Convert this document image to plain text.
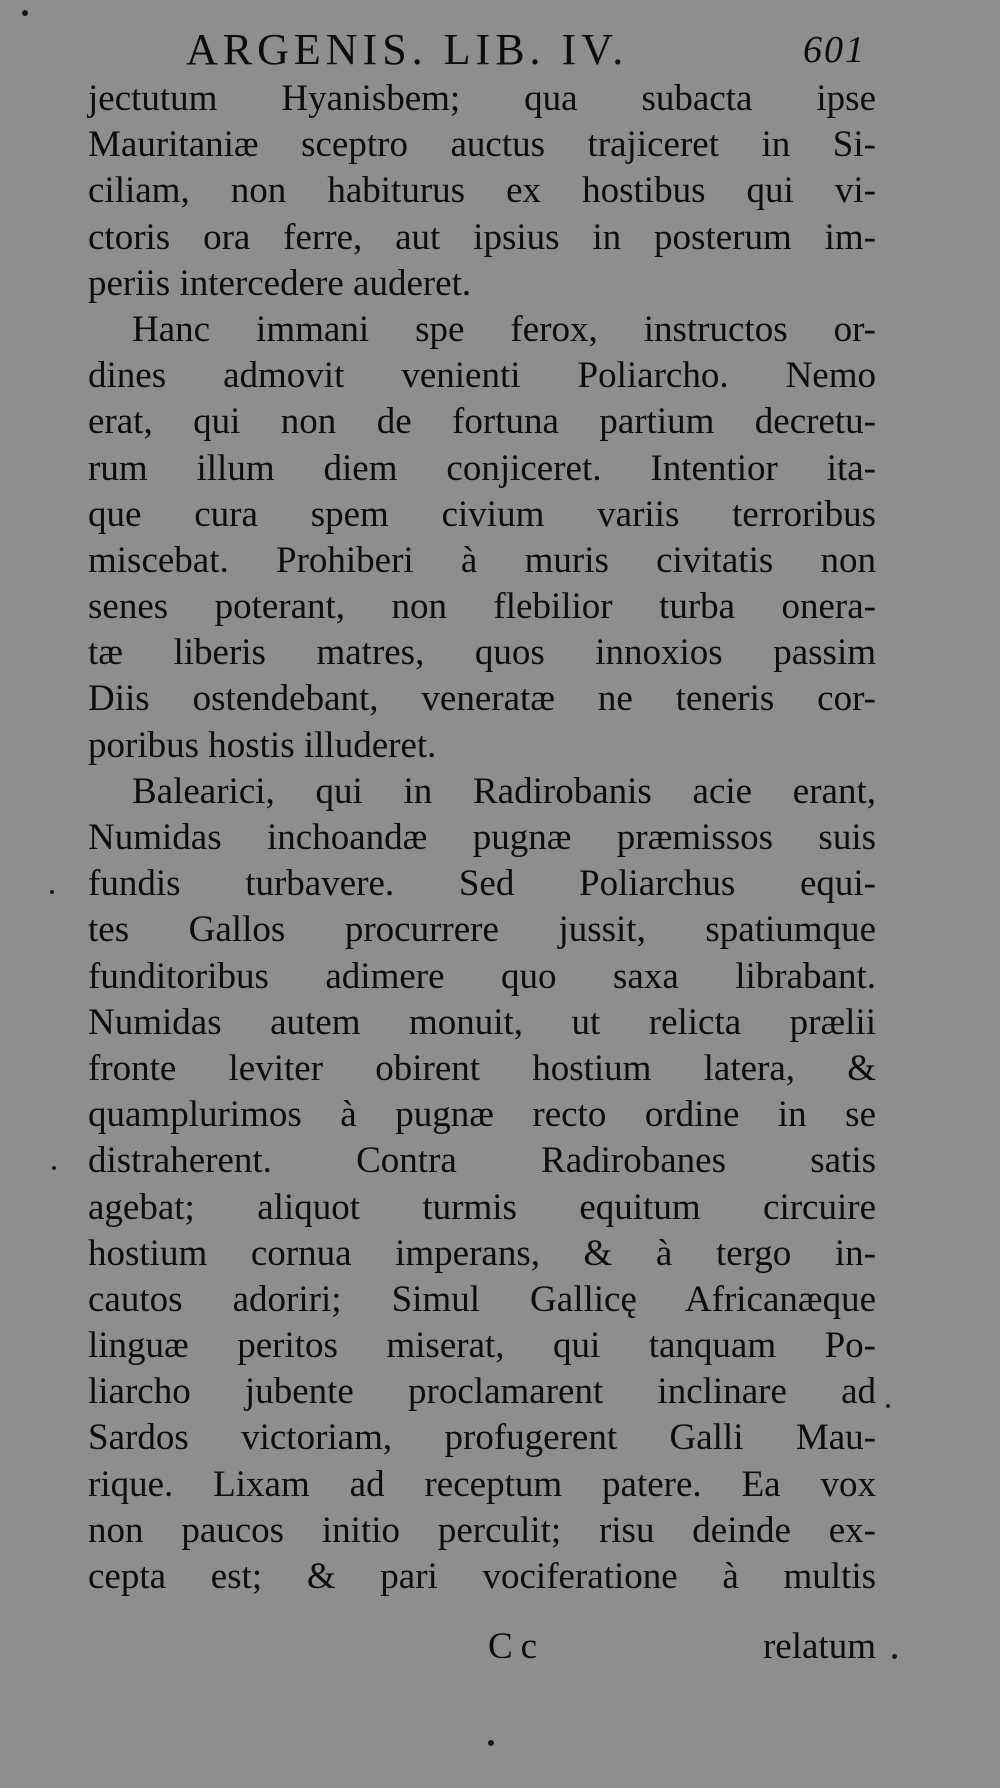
ARGENIS. LIB. IV.	601
jectutum Hyanisbem; qua subacta ipse
Mauritaniæ sceptro auctus trajiceret in Si-
ciliam, non habiturus ex hostibus qui vi-
ctoris ora ferre, aut ipsius in posterum im-
periis intercedere auderet.
Hanc immani spe ferox, instructos or-
dines admovit venienti Poliarcho. Nemo
erat, qui non de fortuna partium decretu-
rum illum diem conjiceret. Intentior ita-
que cura spem civium variis terroribus
miscebat. Prohiberi à muris civitatis non
senes poterant, non flebilior turba onera-
tæ liberis matres, quos innoxios passim
Diis ostendebant, veneratæ ne teneris cor-
poribus hostis illuderet.
Balearici, qui in Radirobanis acie erant,
Numidas inchoandæ pugnæ præmissos suis
fundis turbavere. Sed Poliarchus equi-
tes Gallos procurrere jussit, spatiumque
funditoribus adimere quo saxa librabant.
Numidas autem monuit, ut relicta prælii
fronte leviter obirent hostium latera, &
quamplurimos à pugnæ recto ordine in se
distraherent. Contra Radirobanes satis
agebat; aliquot turmis equitum circuire
hostium cornua imperans, & à tergo in-
cautos adoriri; Simul Gallicę Africanæque
linguæ peritos miserat, qui tanquam Po-
liarcho jubente proclamarent inclinare ad
Sardos victoriam, profugerent Galli Mau-
rique. Lixam ad receptum patere. Ea vox
non paucos initio perculit; risu deinde ex-
cepta est; & pari vociferatione à multis
Cc	relatum
